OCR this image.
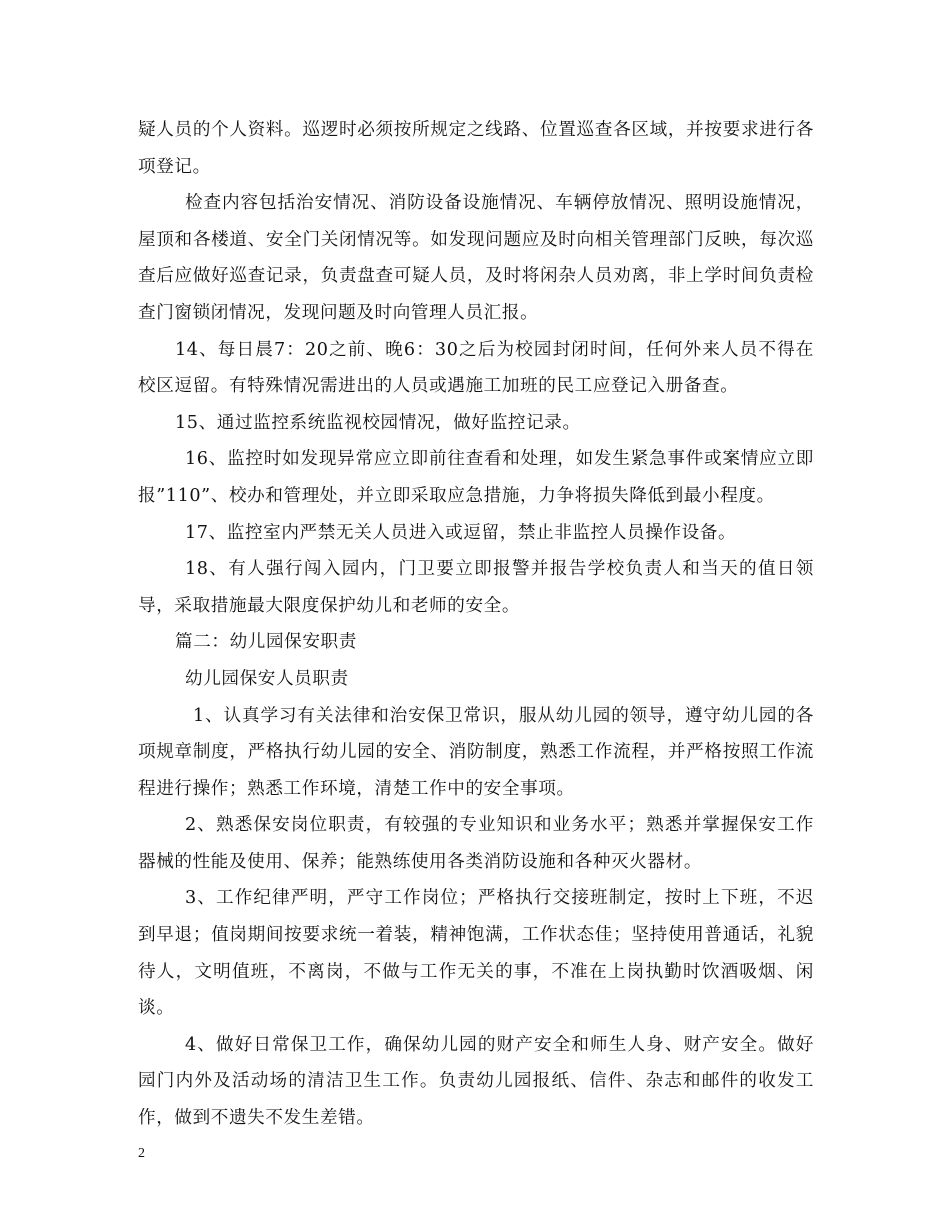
疑人员的个人资料。巡逻时必须按所规定之线路、位置巡查各区域，并按要求进行各项登记。

检查内容包括治安情况、消防设备设施情况、车辆停放情况、照明设施情况，屋顶和各楼道、安全门关闭情况等。如发现问题应及时向相关管理部门反映，每次巡查后应做好巡查记录，负责盘查可疑人员，及时将闲杂人员劝离，非上学时间负责检查门窗锁闭情况，发现问题及时向管理人员汇报。

14、每日晨7：20之前、晚6：30之后为校园封闭时间，任何外来人员不得在校区逗留。有特殊情况需进出的人员或遇施工加班的民工应登记入册备查。

15、通过监控系统监视校园情况，做好监控记录。

16、监控时如发现异常应立即前往查看和处理，如发生紧急事件或案情应立即报”110”、校办和管理处，并立即采取应急措施，力争将损失降低到最小程度。

17、监控室内严禁无关人员进入或逗留，禁止非监控人员操作设备。

18、有人强行闯入园内，门卫要立即报警并报告学校负责人和当天的值日领导，采取措施最大限度保护幼儿和老师的安全。

篇二：幼儿园保安职责

幼儿园保安人员职责

1、认真学习有关法律和治安保卫常识，服从幼儿园的领导，遵守幼儿园的各项规章制度，严格执行幼儿园的安全、消防制度，熟悉工作流程，并严格按照工作流程进行操作；熟悉工作环境，清楚工作中的安全事项。

2、熟悉保安岗位职责，有较强的专业知识和业务水平；熟悉并掌握保安工作器械的性能及使用、保养；能熟练使用各类消防设施和各种灭火器材。

3、工作纪律严明，严守工作岗位；严格执行交接班制定，按时上下班，不迟到早退；值岗期间按要求统一着装，精神饱满，工作状态佳；坚持使用普通话，礼貌待人，文明值班，不离岗，不做与工作无关的事，不准在上岗执勤时饮酒吸烟、闲谈。

4、做好日常保卫工作，确保幼儿园的财产安全和师生人身、财产安全。做好园门内外及活动场的清洁卫生工作。负责幼儿园报纸、信件、杂志和邮件的收发工作，做到不遗失不发生差错。

2
